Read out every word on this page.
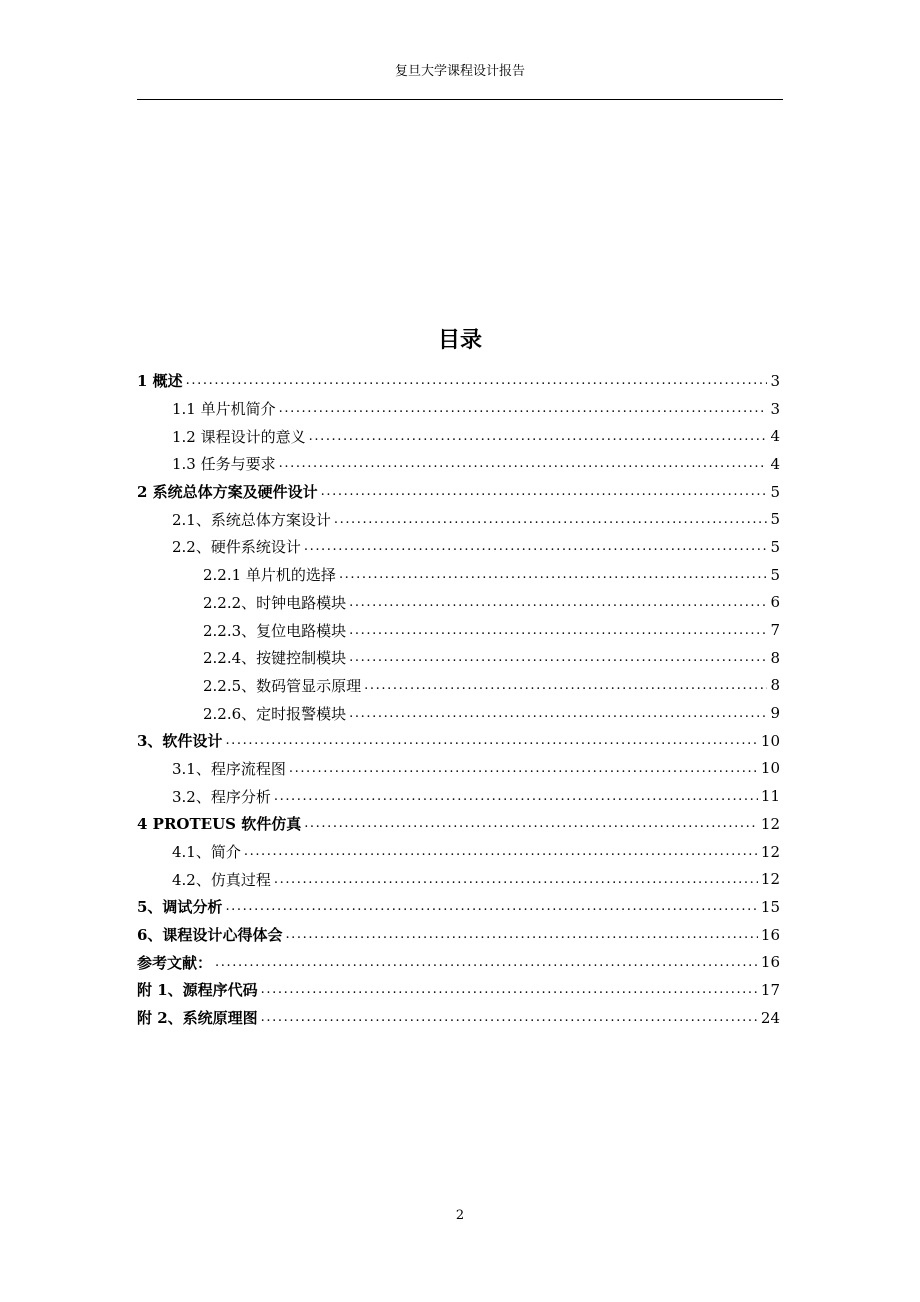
复旦大学课程设计报告
目录
1 概述 .....	3
1.1 单片机简介 .....	3
1.2 课程设计的意义 .....	4
1.3 任务与要求 .....	4
2 系统总体方案及硬件设计 .....	5
2.1、系统总体方案设计 .....	5
2.2、硬件系统设计 .....	5
2.2.1 单片机的选择 .....	5
2.2.2、时钟电路模块 .....	6
2.2.3、复位电路模块 .....	7
2.2.4、按键控制模块 .....	8
2.2.5、数码管显示原理 .....	8
2.2.6、定时报警模块 .....	9
3、软件设计 .....	10
3.1、程序流程图 .....	10
3.2、程序分析 .....	11
4 PROTEUS 软件仿真 .....	12
4.1、简介 .....	12
4.2、仿真过程 .....	12
5、调试分析 .....	15
6、课程设计心得体会 .....	16
参考文献： .....	16
附 1、源程序代码 .....	17
附 2、系统原理图 .....	24
2
